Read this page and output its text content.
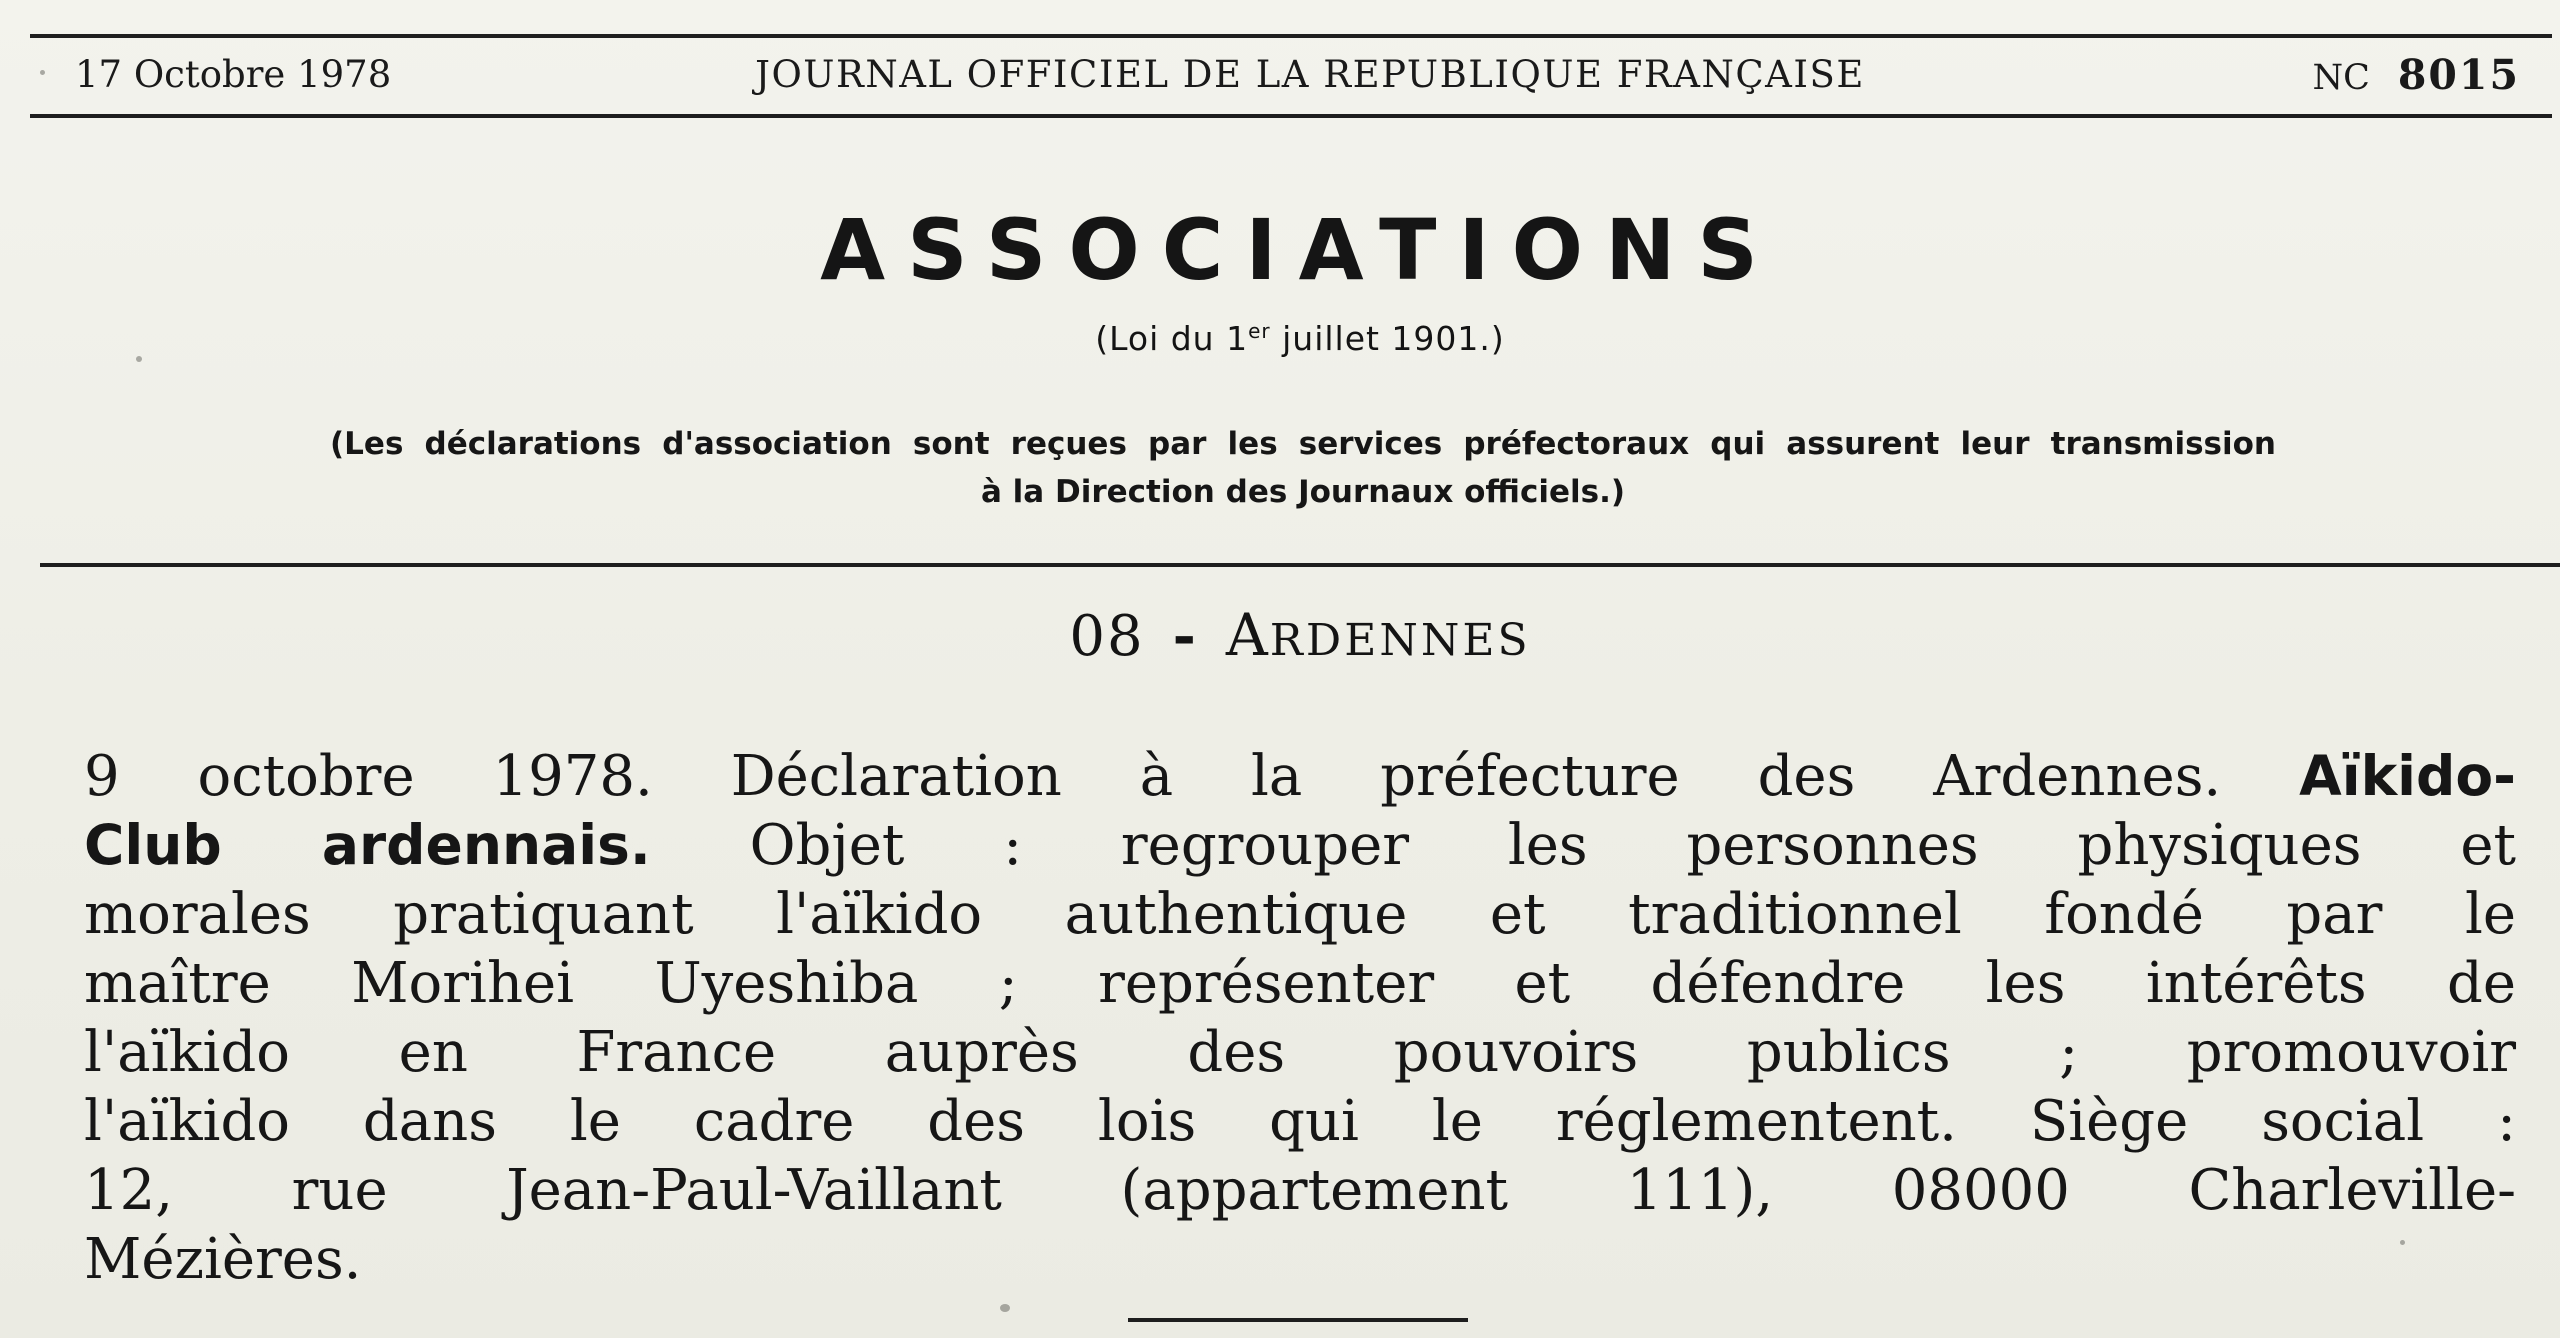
17 Octobre 1978	JOURNAL OFFICIEL DE LA REPUBLIQUE FRANÇAISE	NC 8015
ASSOCIATIONS
(Loi du 1er juillet 1901.)
(Les déclarations d'association sont reçues par les services préfectoraux qui assurent leur transmission
à la Direction des Journaux officiels.)
08 - ARDENNES
9 octobre 1978. Déclaration à la préfecture des Ardennes. Aïkido-
Club ardennais. Objet : regrouper les personnes physiques et
morales pratiquant l'aïkido authentique et traditionnel fondé par le
maître Morihei Uyeshiba ; représenter et défendre les intérêts de
l'aïkido en France auprès des pouvoirs publics ; promouvoir
l'aïkido dans le cadre des lois qui le réglementent. Siège social :
12, rue Jean-Paul-Vaillant (appartement 111), 08000 Charleville-
Mézières.
